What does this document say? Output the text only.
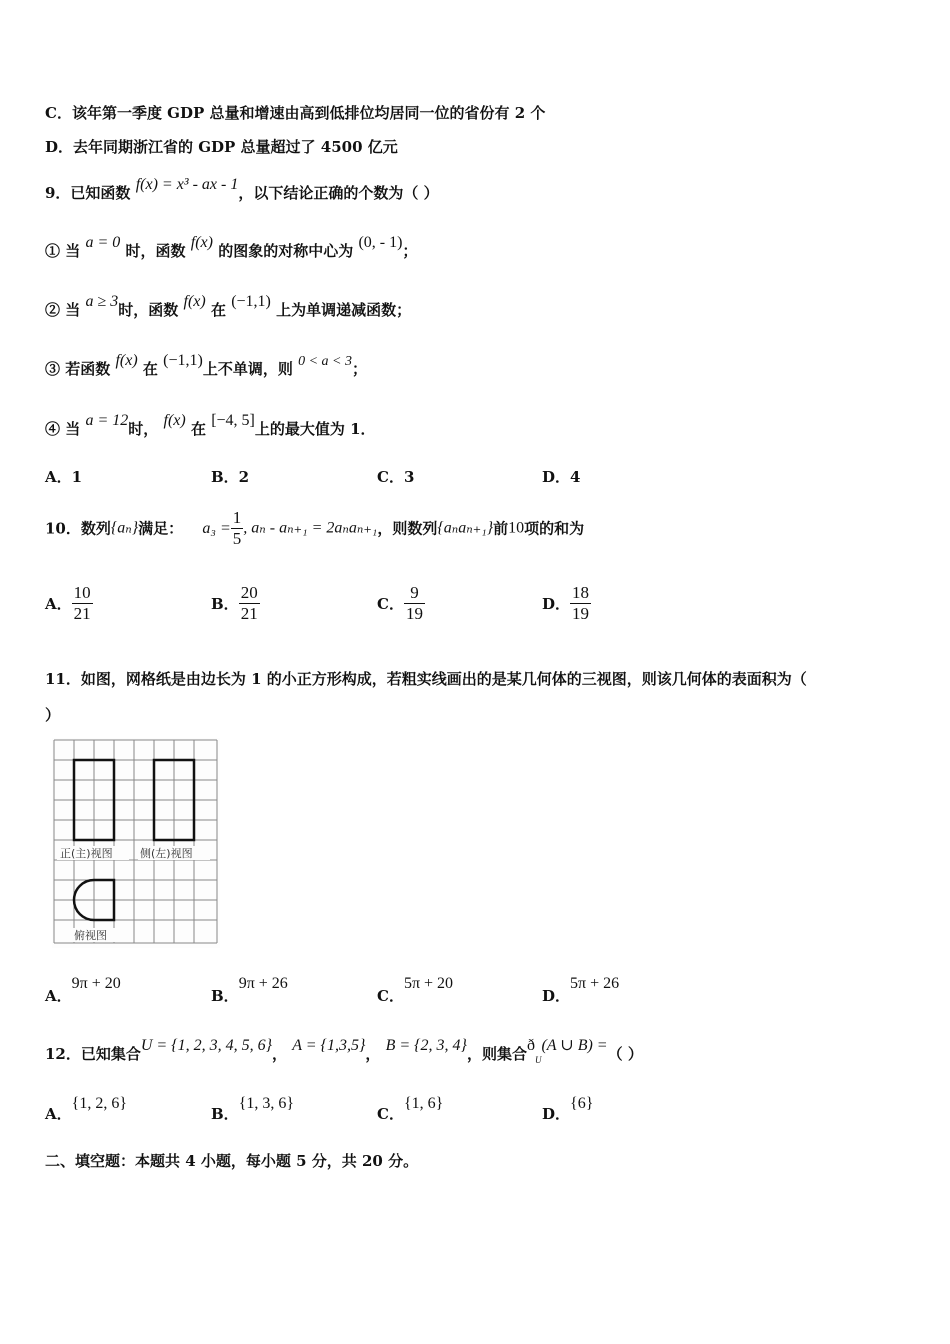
C．该年第一季度 GDP 总量和增速由高到低排位均居同一位的省份有 2 个
D．去年同期浙江省的 GDP 总量超过了 4500 亿元
9．已知函数 f(x) = x³ - ax - 1，以下结论正确的个数为（ ）
① 当 a = 0 时，函数 f(x) 的图象的对称中心为 (0, - 1)；
② 当 a ≥ 3时，函数 f(x) 在 (−1,1) 上为单调递减函数；
③ 若函数 f(x) 在 (−1,1)上不单调，则 0 < a < 3；
④ 当 a = 12时， f(x) 在 [−4, 5]上的最大值为 1．
A．1	B．2	C．3	D．4
10．数列{aₙ}满足： $a_3 = \frac{1}{5}$ , aₙ - aₙ₊₁ = 2aₙaₙ₊₁，则数列{aₙaₙ₊₁}前10项的和为
A． $\frac{10}{21}$	B． $\frac{20}{21}$	C． $\frac{9}{19}$	D． $\frac{18}{19}$
11．如图，网格纸是由边长为 1 的小正方形构成，若粗实线画出的是某几何体的三视图，则该几何体的表面积为（
）
正(主)视图 侧(左)视图
俯视图
A．9π + 20
B．9π + 26
C．5π + 20
D．5π + 26
12．已知集合U = {1, 2, 3, 4, 5, 6}， A = {1,3,5}， B = {2, 3, 4}，则集合$ð_U(A$ ∪ B) =（ ）
A．{1, 2, 6}
B．{1, 3, 6}
C．{1, 6}
D．{6}
二、填空题：本题共 4 小题，每小题 5 分，共 20 分。
